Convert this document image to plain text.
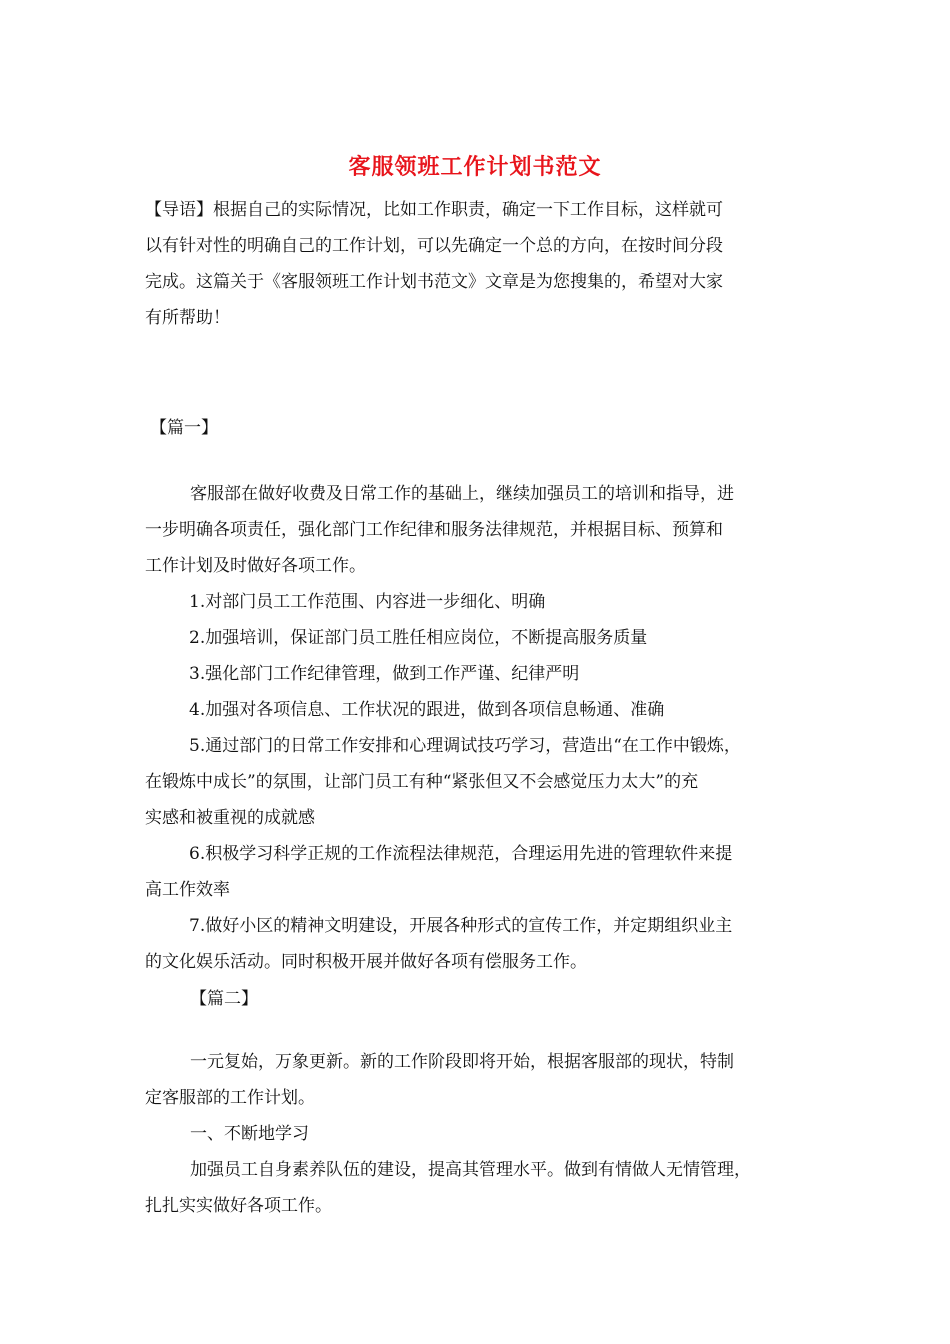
客服领班工作计划书范文
【导语】根据自己的实际情况，比如工作职责，确定一下工作目标，这样就可
以有针对性的明确自己的工作计划，可以先确定一个总的方向，在按时间分段
完成。这篇关于《客服领班工作计划书范文》文章是为您搜集的，希望对大家
有所帮助！
【篇一】
客服部在做好收费及日常工作的基础上，继续加强员工的培训和指导，进
一步明确各项责任，强化部门工作纪律和服务法律规范，并根据目标、预算和
工作计划及时做好各项工作。
1.对部门员工工作范围、内容进一步细化、明确
2.加强培训，保证部门员工胜任相应岗位，不断提高服务质量
3.强化部门工作纪律管理，做到工作严谨、纪律严明
4.加强对各项信息、工作状况的跟进，做到各项信息畅通、准确
5.通过部门的日常工作安排和心理调试技巧学习，营造出“在工作中锻炼，
在锻炼中成长”的氛围，让部门员工有种“紧张但又不会感觉压力太大”的充
实感和被重视的成就感
6.积极学习科学正规的工作流程法律规范，合理运用先进的管理软件来提
高工作效率
7.做好小区的精神文明建设，开展各种形式的宣传工作，并定期组织业主
的文化娱乐活动。同时积极开展并做好各项有偿服务工作。
【篇二】
一元复始，万象更新。新的工作阶段即将开始，根据客服部的现状，特制
定客服部的工作计划。
一、不断地学习
加强员工自身素养队伍的建设，提高其管理水平。做到有情做人无情管理，
扎扎实实做好各项工作。
